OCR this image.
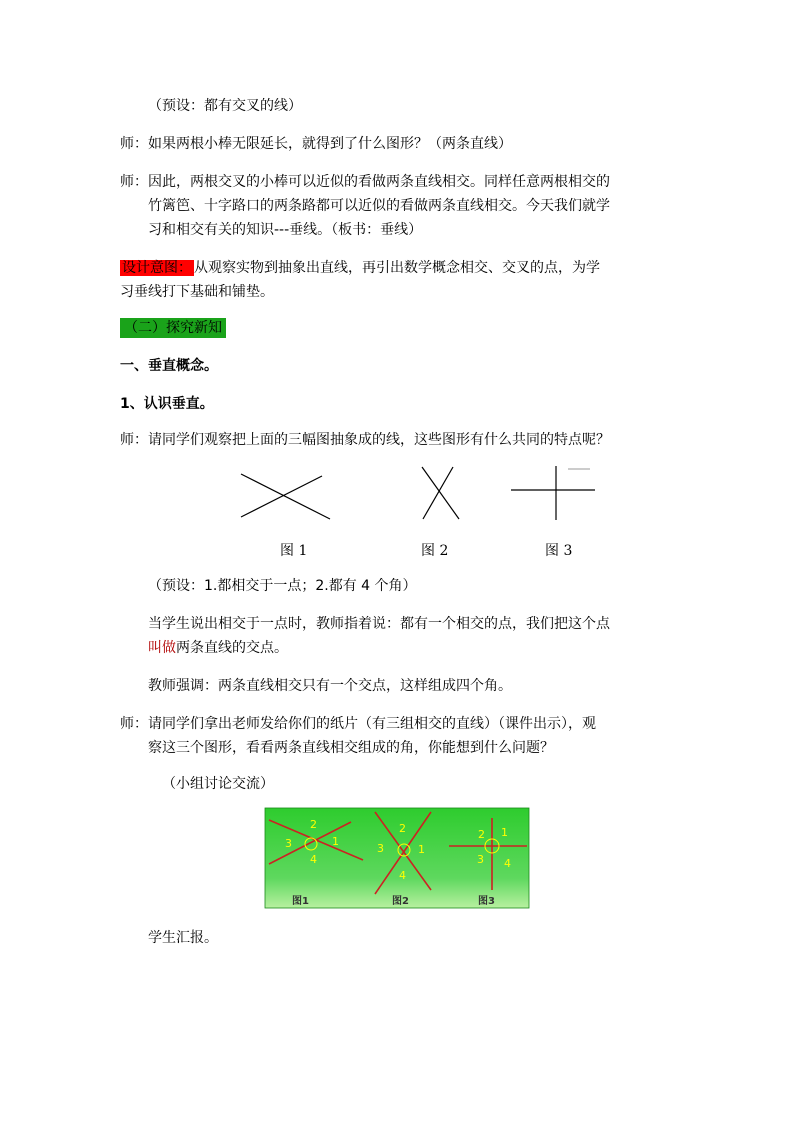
（预设：都有交叉的线）
师：如果两根小棒无限延长，就得到了什么图形？（两条直线）
师：因此，两根交叉的小棒可以近似的看做两条直线相交。同样任意两根相交的
竹篱笆、十字路口的两条路都可以近似的看做两条直线相交。今天我们就学
习和相交有关的知识---垂线。（板书：垂线）
设计意图： 从观察实物到抽象出直线，再引出数学概念相交、交叉的点，为学
习垂线打下基础和铺垫。
（二）探究新知
一、垂直概念。
1、认识垂直。
师：请同学们观察把上面的三幅图抽象成的线，这些图形有什么共同的特点呢？
图 1	图 2	图 3
（预设：1.都相交于一点；2.都有 4 个角）
当学生说出相交于一点时，教师指着说：都有一个相交的点，我们把这个点
叫做两条直线的交点。
教师强调：两条直线相交只有一个交点，这样组成四个角。
师：请同学们拿出老师发给你们的纸片（有三组相交的直线）（课件出示），观
察这三个图形，看看两条直线相交组成的角，你能想到什么问题？
（小组讨论交流）
2
3	1
4
2
3	1
4
2 1
3 4
图1	图2	图3
学生汇报。
